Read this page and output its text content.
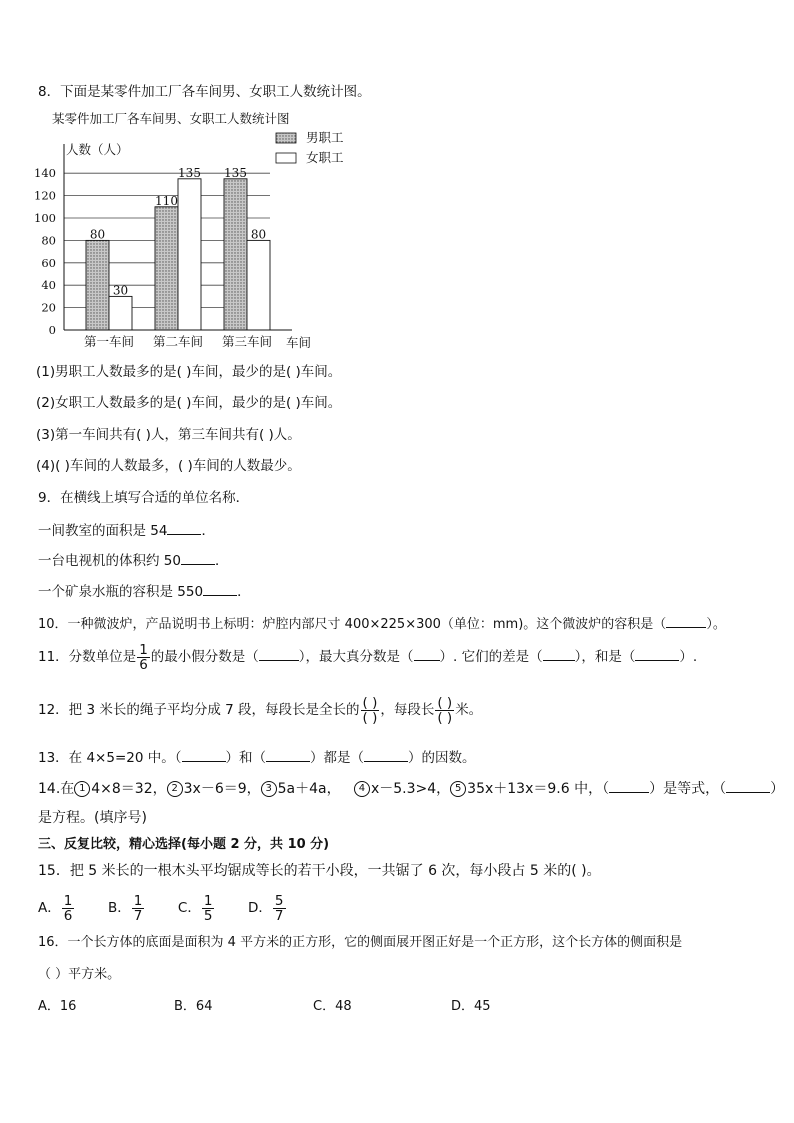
8．下面是某零件加工厂各车间男、女职工人数统计图。
某零件加工厂各车间男、女职工人数统计图
人数（人）
0
20
40
60
80
100
120
140
第一车间 第二车间 第三车间
80
110
135
30
135
80
车间
男职工
女职工
(1)男职工人数最多的是( )车间，最少的是( )车间。
(2)女职工人数最多的是( )车间，最少的是( )车间。
(3)第一车间共有( )人，第三车间共有( )人。
(4)( )车间的人数最多，( )车间的人数最少。
9．在横线上填写合适的单位名称．
一间教室的面积是 54	．
一台电视机的体积约 50	．
一个矿泉水瓶的容积是 550	．
10．一种微波炉，产品说明书上标明：炉腔内部尺寸 400×225×300（单位：mm)。这个微波炉的容积是（	）。
11．分数单位是 $\frac{1}{6}$ 的最小假分数是（	），最大真分数是（ ）. 它们的差是（ ），和是（	）.
12．把 3 米长的绳子平均分成 7 段，每段长是全长的 $\frac{( )}{( )}$ ，每段长 $\frac{( )}{( )}$ 米。
13．在 4×5=20 中。（	）和（	）都是（	）的因数。
14.在 1 4×8＝32， 2 3x－6＝9， 3 5a＋4a， 4 x－5.3>4， 5 35x＋13x＝9.6 中，（	）是等式，（	）
是方程。(填序号)
三、反复比较，精心选择(每小题 2 分，共 10 分)
15．把 5 米长的一根木头平均锯成等长的若干小段，一共锯了 6 次，每小段占 5 米的( )。
A． $\frac{1}{6}$ B． $\frac{1}{7}$ C． $\frac{1}{5}$ D． $\frac{5}{7}$
16．一个长方体的底面是面积为 4 平方米的正方形，它的侧面展开图正好是一个正方形，这个长方体的侧面积是
（ ）平方米。
A．16	B．64	C．48	D．45
